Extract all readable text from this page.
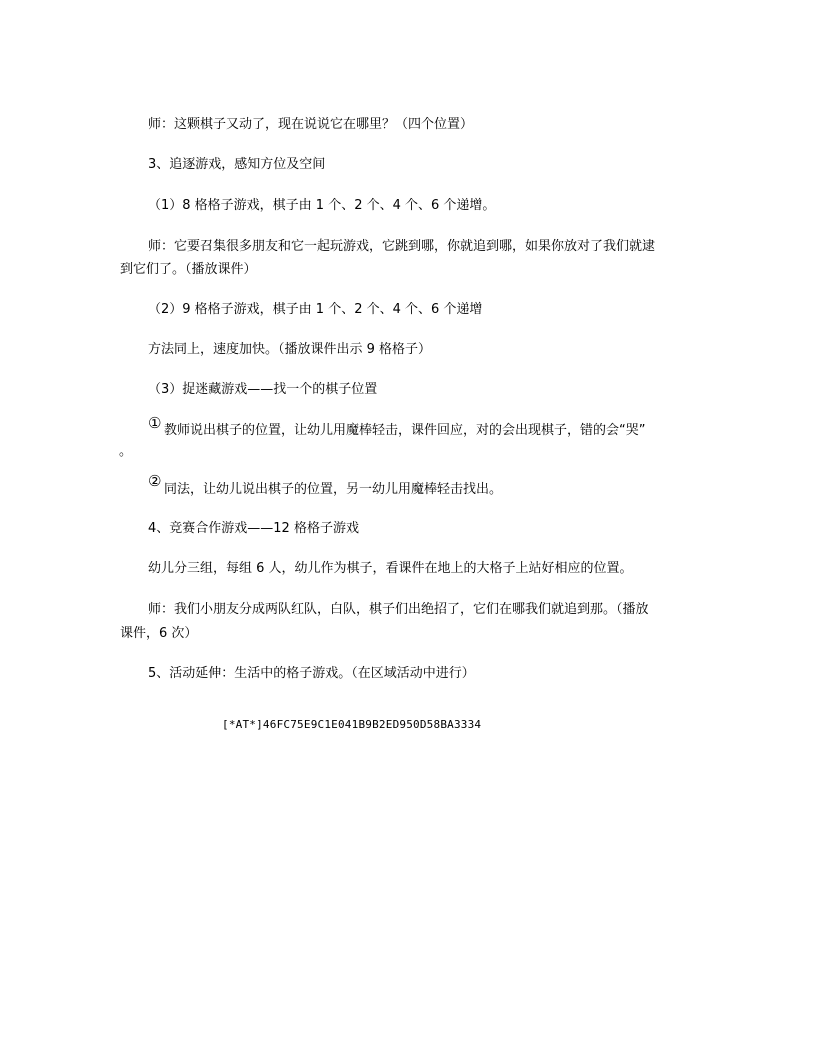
师：这颗棋子又动了，现在说说它在哪里？（四个位置）
3、追逐游戏，感知方位及空间
（1）8 格格子游戏，棋子由 1 个、2 个、4 个、6 个递增。
师：它要召集很多朋友和它一起玩游戏，它跳到哪，你就追到哪，如果你放对了我们就逮
到它们了。（播放课件）
（2）9 格格子游戏，棋子由 1 个、2 个、4 个、6 个递增
方法同上，速度加快。（播放课件出示 9 格格子）
（3）捉迷藏游戏——找一个的棋子位置
① 教师说出棋子的位置，让幼儿用魔棒轻击，课件回应，对的会出现棋子，错的会“哭”
。
② 同法，让幼儿说出棋子的位置，另一幼儿用魔棒轻击找出。
4、竞赛合作游戏——12 格格子游戏
幼儿分三组，每组 6 人，幼儿作为棋子，看课件在地上的大格子上站好相应的位置。
师：我们小朋友分成两队红队，白队，棋子们出绝招了，它们在哪我们就追到那。（播放
课件，6 次）
5、活动延伸：生活中的格子游戏。（在区域活动中进行）
[*AT*]46FC75E9C1E041B9B2ED950D58BA3334
